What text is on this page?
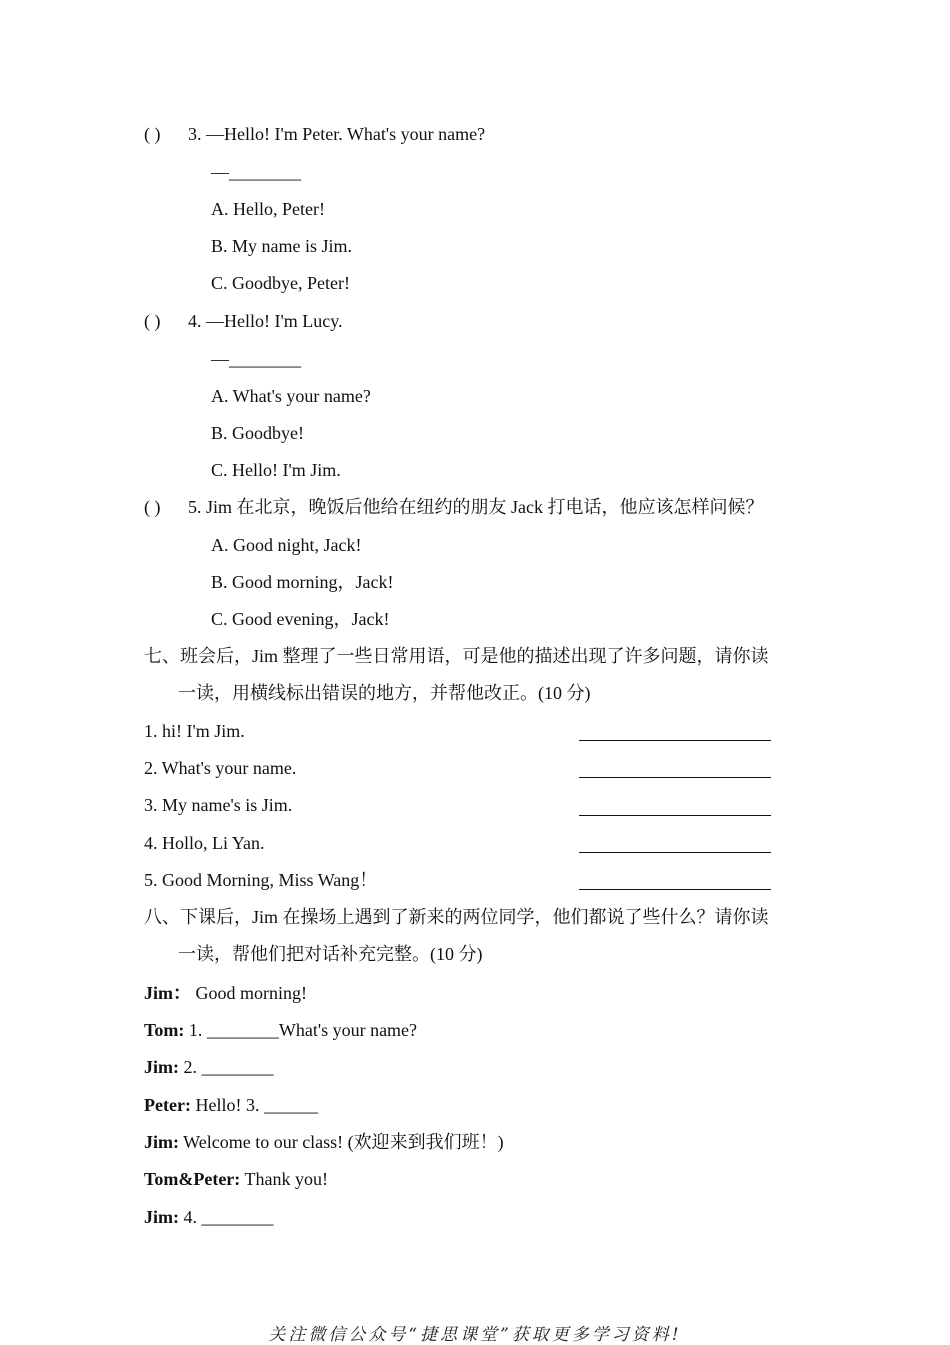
( ) 3. —Hello! I'm Peter. What's your name?
—________
A. Hello, Peter!
B. My name is Jim.
C. Goodbye, Peter!
( ) 4. —Hello! I'm Lucy.
—________
A. What's your name?
B. Goodbye!
C. Hello! I'm Jim.
( ) 5. Jim 在北京，晚饭后他给在纽约的朋友 Jack 打电话，他应该怎样问候？
A. Good night, Jack!
B. Good morning，Jack!
C. Good evening，Jack!
七、班会后，Jim 整理了一些日常用语，可是他的描述出现了许多问题，请你读
一读，用横线标出错误的地方，并帮他改正。(10 分)
1. hi! I'm Jim.
2. What's your name.
3. My name's is Jim.
4. Hollo, Li Yan.
5. Good Morning, Miss Wang！
八、下课后，Jim 在操场上遇到了新来的两位同学，他们都说了些什么？请你读
一读，帮他们把对话补充完整。(10 分)
Jim： Good morning!
Tom: 1. ________What's your name?
Jim: 2. ________
Peter: Hello! 3. ______
Jim: Welcome to our class! (欢迎来到我们班！)
Tom&Peter: Thank you!
Jim: 4. ________
关注微信公众号“捷思课堂”获取更多学习资料!
